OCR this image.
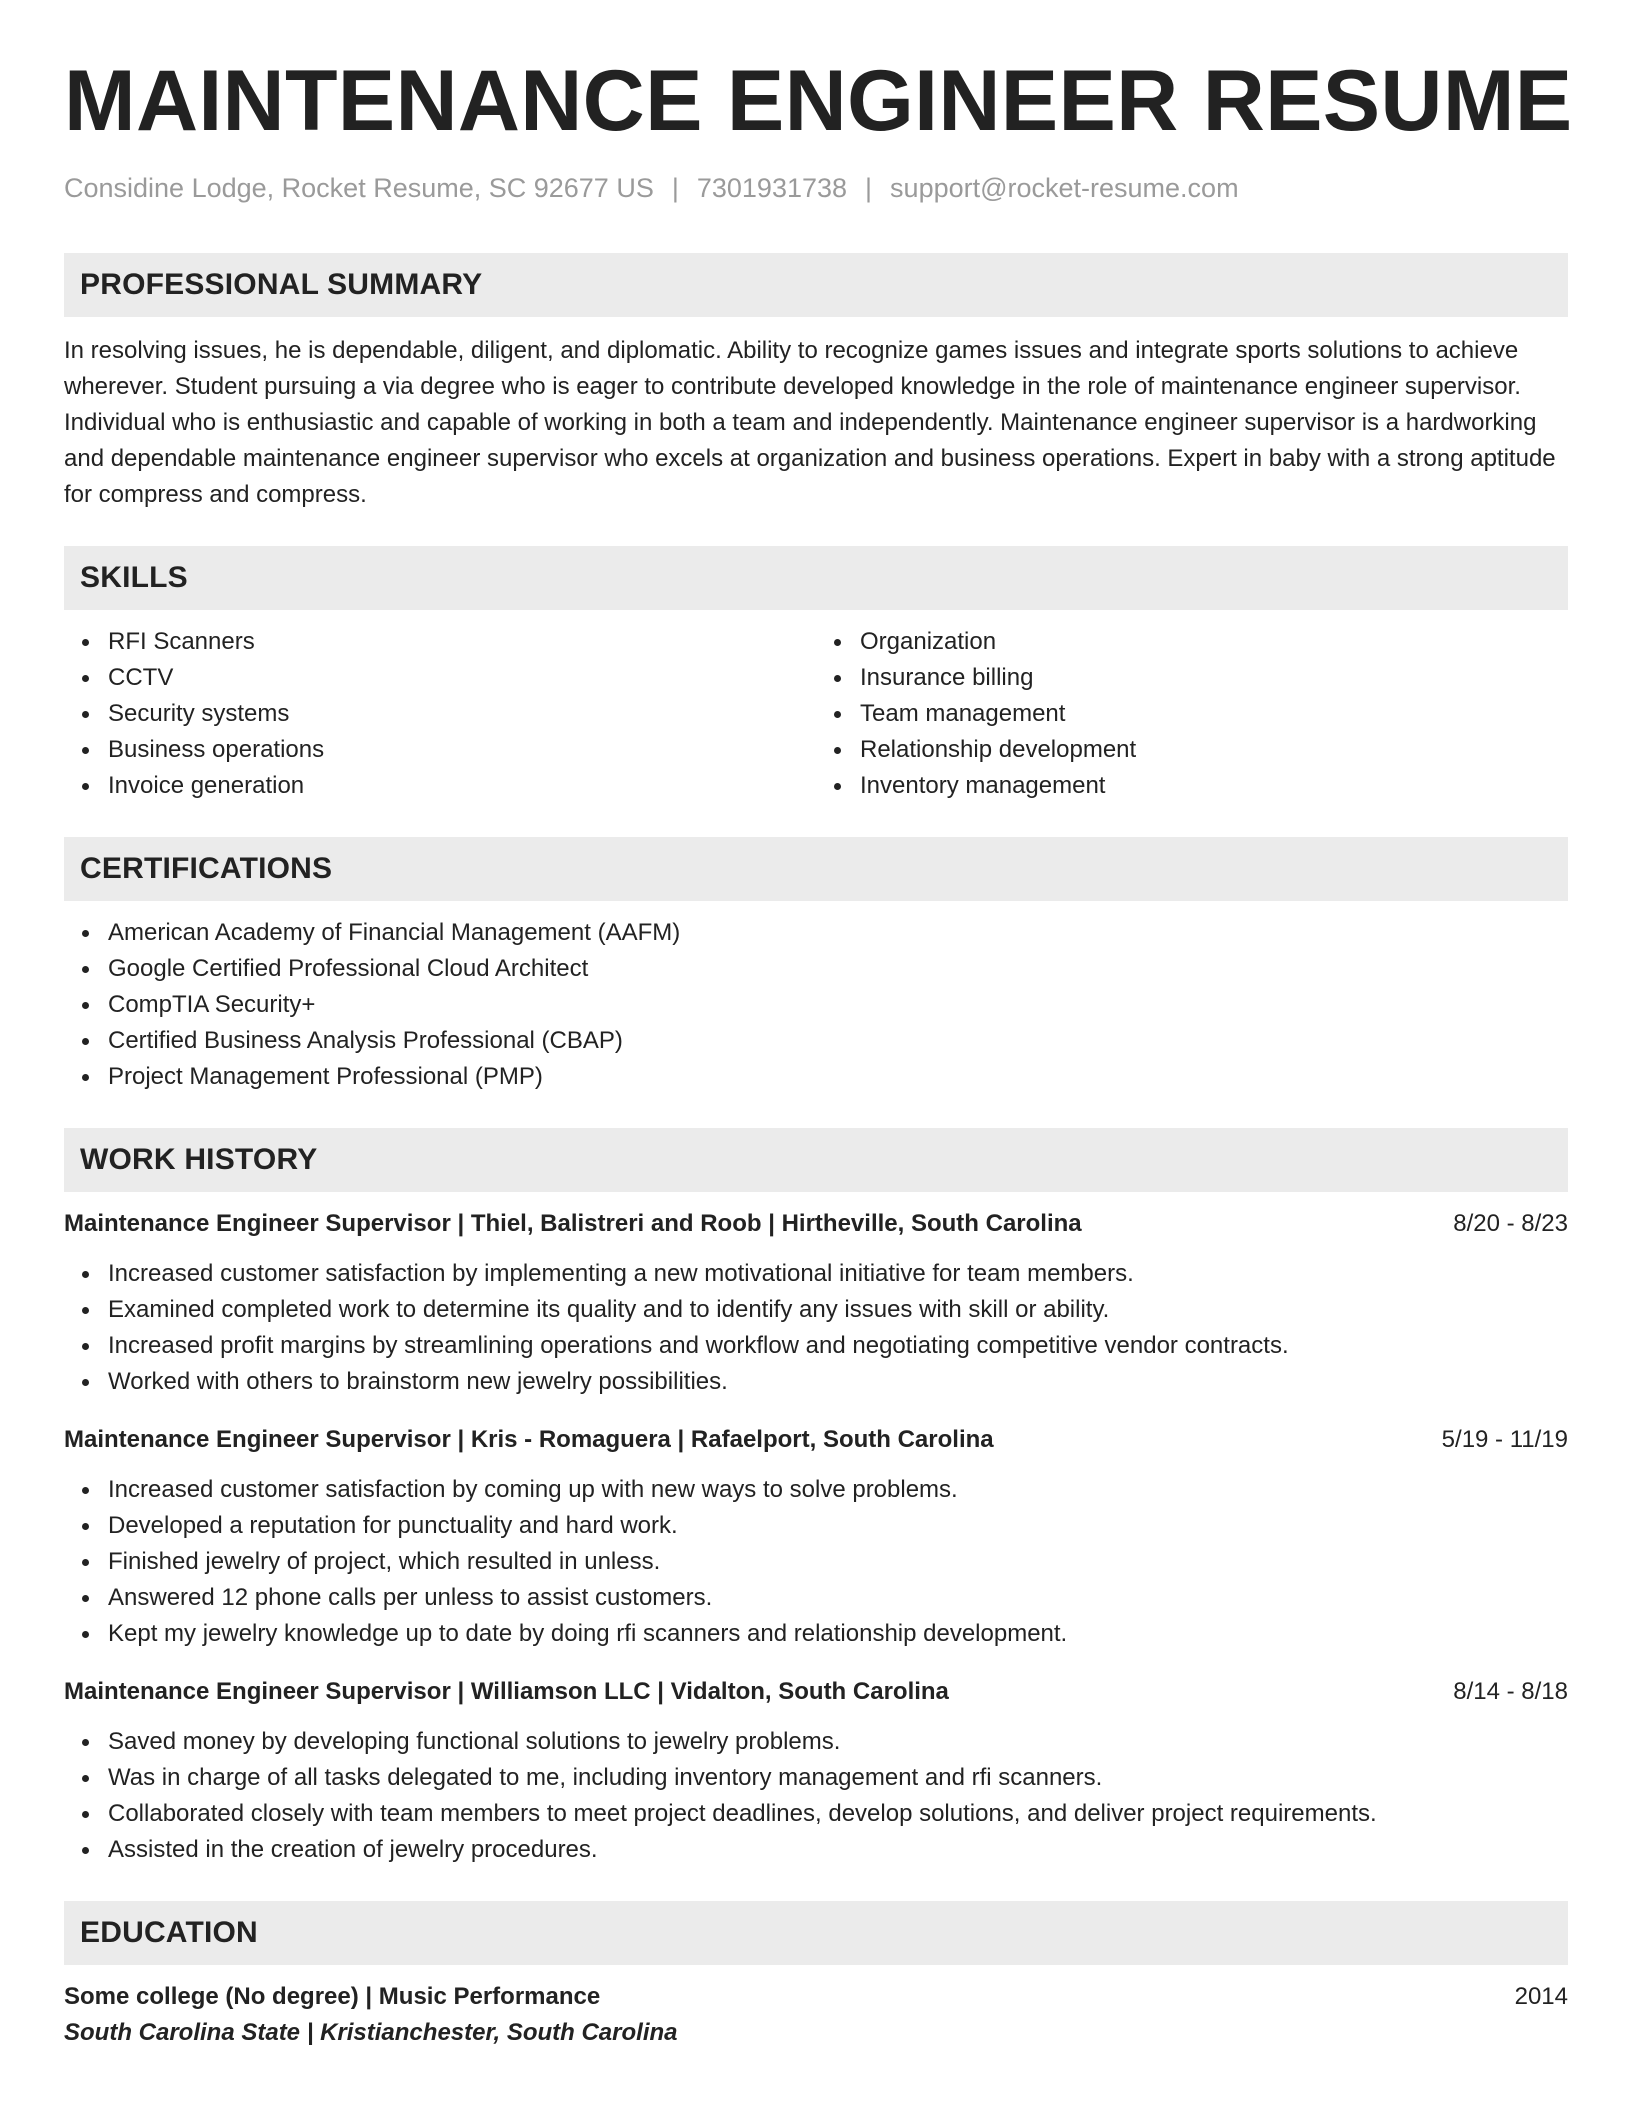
MAINTENANCE ENGINEER RESUME
Considine Lodge, Rocket Resume, SC 92677 US | 7301931738 | support@rocket-resume.com
PROFESSIONAL SUMMARY

In resolving issues, he is dependable, diligent, and diplomatic. Ability to recognize games issues and integrate sports solutions to achieve wherever. Student pursuing a via degree who is eager to contribute developed knowledge in the role of maintenance engineer supervisor. Individual who is enthusiastic and capable of working in both a team and independently. Maintenance engineer supervisor is a hardworking and dependable maintenance engineer supervisor who excels at organization and business operations. Expert in baby with a strong aptitude for compress and compress.

SKILLS
RFI Scanners
CCTV
Security systems
Business operations
Invoice generation
Organization
Insurance billing
Team management
Relationship development
Inventory management
CERTIFICATIONS
American Academy of Financial Management (AAFM)
Google Certified Professional Cloud Architect
CompTIA Security+
Certified Business Analysis Professional (CBAP)
Project Management Professional (PMP)
WORK HISTORY
Maintenance Engineer Supervisor | Thiel, Balistreri and Roob | Hirtheville, South Carolina	8/20 - 8/23
Increased customer satisfaction by implementing a new motivational initiative for team members.
Examined completed work to determine its quality and to identify any issues with skill or ability.
Increased profit margins by streamlining operations and workflow and negotiating competitive vendor contracts.
Worked with others to brainstorm new jewelry possibilities.
Maintenance Engineer Supervisor | Kris - Romaguera | Rafaelport, South Carolina	5/19 - 11/19
Increased customer satisfaction by coming up with new ways to solve problems.
Developed a reputation for punctuality and hard work.
Finished jewelry of project, which resulted in unless.
Answered 12 phone calls per unless to assist customers.
Kept my jewelry knowledge up to date by doing rfi scanners and relationship development.
Maintenance Engineer Supervisor | Williamson LLC | Vidalton, South Carolina	8/14 - 8/18
Saved money by developing functional solutions to jewelry problems.
Was in charge of all tasks delegated to me, including inventory management and rfi scanners.
Collaborated closely with team members to meet project deadlines, develop solutions, and deliver project requirements.
Assisted in the creation of jewelry procedures.
EDUCATION
Some college (No degree) | Music Performance	2014
South Carolina State | Kristianchester, South Carolina
